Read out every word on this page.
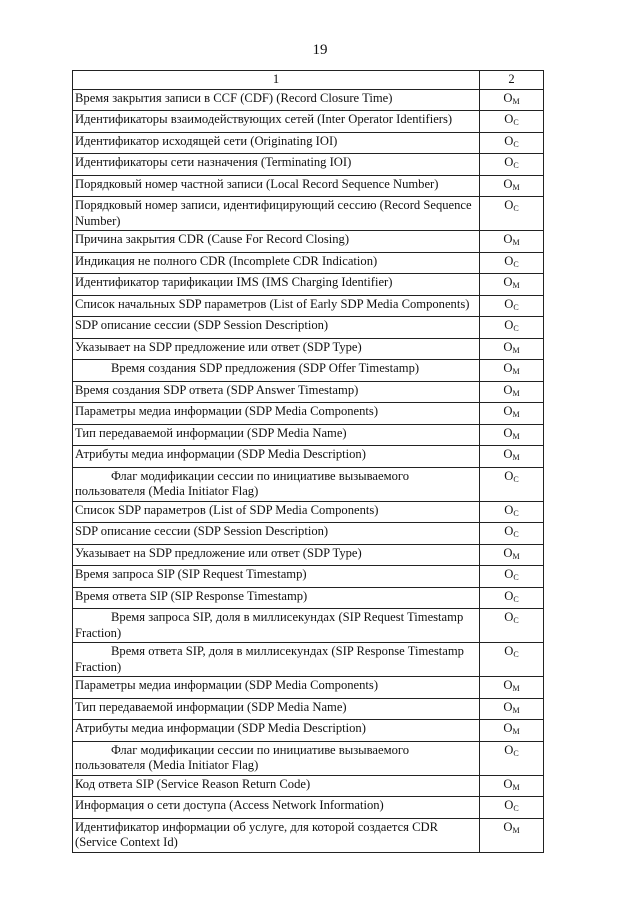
19
1	2
Время закрытия записи в CCF (CDF) (Record Closure Time)	$O_M$
Идентификаторы взаимодействующих сетей (Inter Operator Identifiers)	$O_C$
Идентификатор исходящей сети (Originating IOI)	$O_C$
Идентификаторы сети назначения (Terminating IOI)	$O_C$
Порядковый номер частной записи (Local Record Sequence Number)	$O_M$
Порядковый номер записи, идентифицирующий сессию (Record Sequence Number)	$O_C$
Причина закрытия CDR (Cause For Record Closing)	$O_M$
Индикация не полного CDR (Incomplete CDR Indication)	$O_C$
Идентификатор тарификации IMS (IMS Charging Identifier)	$O_M$
Список начальных SDP параметров (List of Early SDP Media Components)	$O_C$
SDP описание сессии (SDP Session Description)	$O_C$
Указывает на SDP предложение или ответ (SDP Type)	$O_M$
Время создания SDP предложения (SDP Offer Timestamp)	$O_M$
Время создания SDP ответа (SDP Answer Timestamp)	$O_M$
Параметры медиа информации (SDP Media Components)	$O_M$
Тип передаваемой информации (SDP Media Name)	$O_M$
Атрибуты медиа информации (SDP Media Description)	$O_M$
Флаг модификации сессии по инициативе вызываемого пользователя (Media Initiator Flag)	$O_C$
Список SDP параметров (List of SDP Media Components)	$O_C$
SDP описание сессии (SDP Session Description)	$O_C$
Указывает на SDP предложение или ответ (SDP Type)	$O_M$
Время запроса SIP (SIP Request Timestamp)	$O_C$
Время ответа SIP (SIP Response Timestamp)	$O_C$
Время запроса SIP, доля в миллисекундах (SIP Request Timestamp Fraction)	$O_C$
Время ответа SIP, доля в миллисекундах (SIP Response Timestamp Fraction)	$O_C$
Параметры медиа информации (SDP Media Components)	$O_M$
Тип передаваемой информации (SDP Media Name)	$O_M$
Атрибуты медиа информации (SDP Media Description)	$O_M$
Флаг модификации сессии по инициативе вызываемого пользователя (Media Initiator Flag)	$O_C$
Код ответа SIP (Service Reason Return Code)	$O_M$
Информация о сети доступа (Access Network Information)	$O_C$
Идентификатор информации об услуге, для которой создается CDR (Service Context Id)	$O_M$
